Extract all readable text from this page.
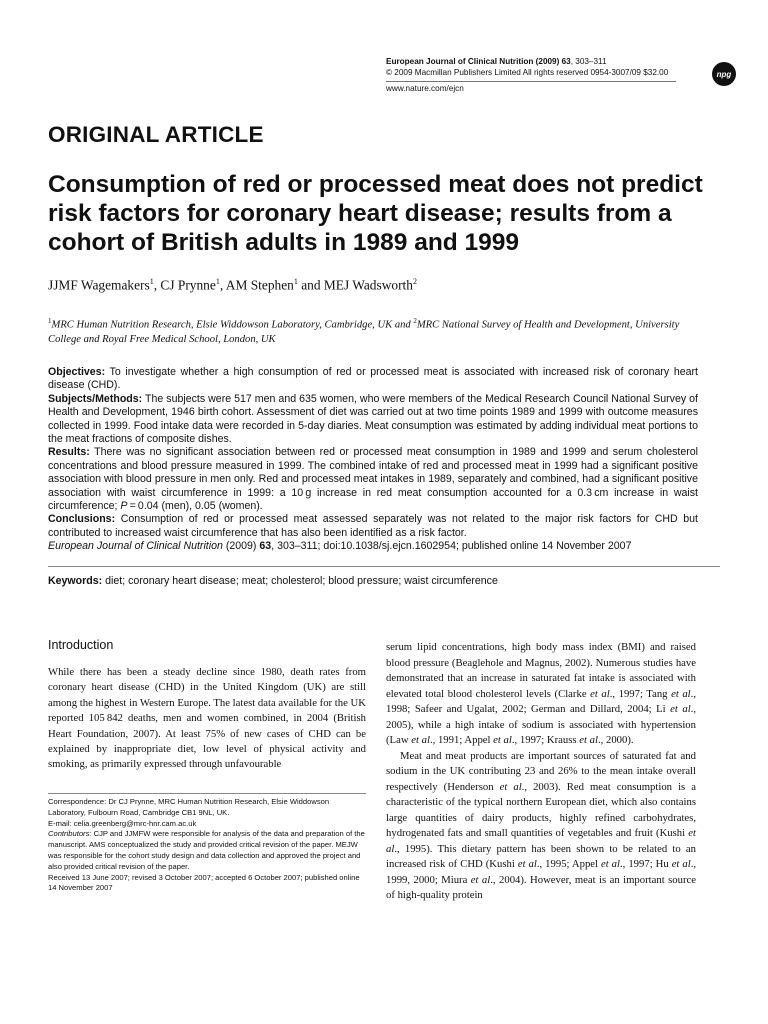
European Journal of Clinical Nutrition (2009) 63, 303–311
© 2009 Macmillan Publishers Limited All rights reserved 0954-3007/09 $32.00
www.nature.com/ejcn
npg
ORIGINAL ARTICLE
Consumption of red or processed meat does not predict risk factors for coronary heart disease; results from a cohort of British adults in 1989 and 1999
JJMF Wagemakers$^1$, CJ Prynne$^1$, AM Stephen$^1$ and MEJ Wadsworth$^2$
$^1$MRC Human Nutrition Research, Elsie Widdowson Laboratory, Cambridge, UK and $^2$MRC National Survey of Health and Development, University College and Royal Free Medical School, London, UK

Objectives: To investigate whether a high consumption of red or processed meat is associated with increased risk of coronary heart disease (CHD).

Subjects/Methods: The subjects were 517 men and 635 women, who were members of the Medical Research Council National Survey of Health and Development, 1946 birth cohort. Assessment of diet was carried out at two time points 1989 and 1999 with outcome measures collected in 1999. Food intake data were recorded in 5-day diaries. Meat consumption was estimated by adding individual meat portions to the meat fractions of composite dishes.

Results: There was no significant association between red or processed meat consumption in 1989 and 1999 and serum cholesterol concentrations and blood pressure measured in 1999. The combined intake of red and processed meat in 1999 had a significant positive association with blood pressure in men only. Red and processed meat intakes in 1989, separately and combined, had a significant positive association with waist circumference in 1999: a 10 g increase in red meat consumption accounted for a 0.3 cm increase in waist circumference; P = 0.04 (men), 0.05 (women).

Conclusions: Consumption of red or processed meat assessed separately was not related to the major risk factors for CHD but contributed to increased waist circumference that has also been identified as a risk factor.

European Journal of Clinical Nutrition (2009) 63, 303–311; doi:10.1038/sj.ejcn.1602954; published online 14 November 2007

Keywords: diet; coronary heart disease; meat; cholesterol; blood pressure; waist circumference
Introduction

While there has been a steady decline since 1980, death rates from coronary heart disease (CHD) in the United Kingdom (UK) are still among the highest in Western Europe. The latest data available for the UK reported 105 842 deaths, men and women combined, in 2004 (British Heart Foundation, 2007). At least 75% of new cases of CHD can be explained by inappropriate diet, low level of physical activity and smoking, as primarily expressed through unfavourable

Correspondence: Dr CJ Prynne, MRC Human Nutrition Research, Elsie Widdowson Laboratory, Fulbourn Road, Cambridge CB1 9NL, UK.

E-mail: celia.greenberg@mrc-hnr.cam.ac.uk

Contributors: CJP and JJMFW were responsible for analysis of the data and preparation of the manuscript. AMS conceptualized the study and provided critical revision of the paper. MEJW was responsible for the cohort study design and data collection and approved the project and also provided critical revision of the paper.

Received 13 June 2007; revised 3 October 2007; accepted 6 October 2007; published online 14 November 2007

serum lipid concentrations, high body mass index (BMI) and raised blood pressure (Beaglehole and Magnus, 2002). Numerous studies have demonstrated that an increase in saturated fat intake is associated with elevated total blood cholesterol levels (Clarke et al., 1997; Tang et al., 1998; Safeer and Ugalat, 2002; German and Dillard, 2004; Li et al., 2005), while a high intake of sodium is associated with hypertension (Law et al., 1991; Appel et al., 1997; Krauss et al., 2000).

Meat and meat products are important sources of saturated fat and sodium in the UK contributing 23 and 26% to the mean intake overall respectively (Henderson et al., 2003). Red meat consumption is a characteristic of the typical northern European diet, which also contains large quantities of dairy products, highly refined carbohydrates, hydrogenated fats and small quantities of vegetables and fruit (Kushi et al., 1995). This dietary pattern has been shown to be related to an increased risk of CHD (Kushi et al., 1995; Appel et al., 1997; Hu et al., 1999, 2000; Miura et al., 2004). However, meat is an important source of high-quality protein
